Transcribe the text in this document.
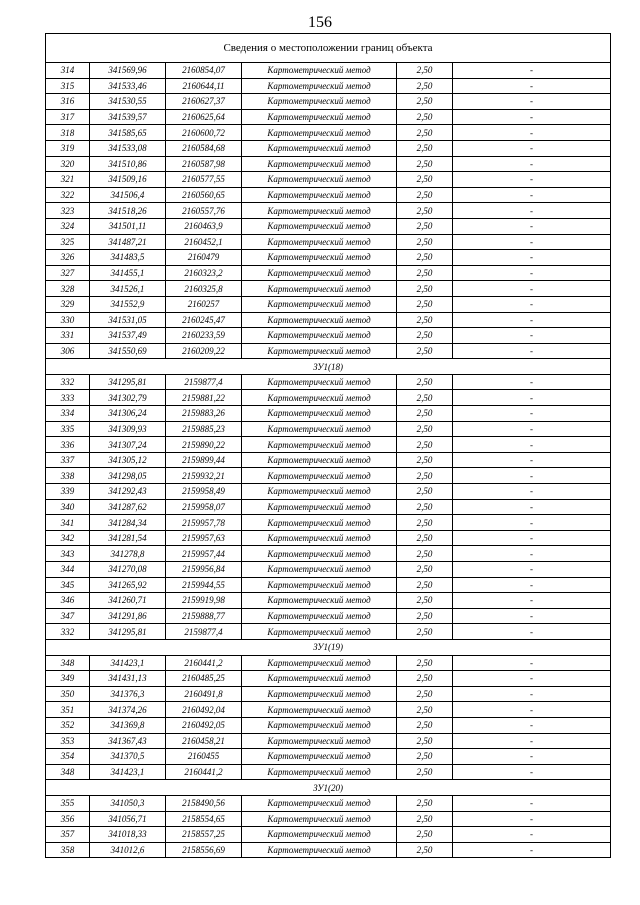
156
Сведения о местоположении границ объекта					
314	341569,96	2160854,07	Картометрический метод	2,50	-
315	341533,46	2160644,11	Картометрический метод	2,50	-
316	341530,55	2160627,37	Картометрический метод	2,50	-
317	341539,57	2160625,64	Картометрический метод	2,50	-
318	341585,65	2160600,72	Картометрический метод	2,50	-
319	341533,08	2160584,68	Картометрический метод	2,50	-
320	341510,86	2160587,98	Картометрический метод	2,50	-
321	341509,16	2160577,55	Картометрический метод	2,50	-
322	341506,4	2160560,65	Картометрический метод	2,50	-
323	341518,26	2160557,76	Картометрический метод	2,50	-
324	341501,11	2160463,9	Картометрический метод	2,50	-
325	341487,21	2160452,1	Картометрический метод	2,50	-
326	341483,5	2160479	Картометрический метод	2,50	-
327	341455,1	2160323,2	Картометрический метод	2,50	-
328	341526,1	2160325,8	Картометрический метод	2,50	-
329	341552,9	2160257	Картометрический метод	2,50	-
330	341531,05	2160245,47	Картометрический метод	2,50	-
331	341537,49	2160233,59	Картометрический метод	2,50	-
306	341550,69	2160209,22	Картометрический метод	2,50	-
ЗУ1(18)					
332	341295,81	2159877,4	Картометрический метод	2,50	-
333	341302,79	2159881,22	Картометрический метод	2,50	-
334	341306,24	2159883,26	Картометрический метод	2,50	-
335	341309,93	2159885,23	Картометрический метод	2,50	-
336	341307,24	2159890,22	Картометрический метод	2,50	-
337	341305,12	2159899,44	Картометрический метод	2,50	-
338	341298,05	2159932,21	Картометрический метод	2,50	-
339	341292,43	2159958,49	Картометрический метод	2,50	-
340	341287,62	2159958,07	Картометрический метод	2,50	-
341	341284,34	2159957,78	Картометрический метод	2,50	-
342	341281,54	2159957,63	Картометрический метод	2,50	-
343	341278,8	2159957,44	Картометрический метод	2,50	-
344	341270,08	2159956,84	Картометрический метод	2,50	-
345	341265,92	2159944,55	Картометрический метод	2,50	-
346	341260,71	2159919,98	Картометрический метод	2,50	-
347	341291,86	2159888,77	Картометрический метод	2,50	-
332	341295,81	2159877,4	Картометрический метод	2,50	-
ЗУ1(19)					
348	341423,1	2160441,2	Картометрический метод	2,50	-
349	341431,13	2160485,25	Картометрический метод	2,50	-
350	341376,3	2160491,8	Картометрический метод	2,50	-
351	341374,26	2160492,04	Картометрический метод	2,50	-
352	341369,8	2160492,05	Картометрический метод	2,50	-
353	341367,43	2160458,21	Картометрический метод	2,50	-
354	341370,5	2160455	Картометрический метод	2,50	-
348	341423,1	2160441,2	Картометрический метод	2,50	-
ЗУ1(20)					
355	341050,3	2158490,56	Картометрический метод	2,50	-
356	341056,71	2158554,65	Картометрический метод	2,50	-
357	341018,33	2158557,25	Картометрический метод	2,50	-
358	341012,6	2158556,69	Картометрический метод	2,50	-
